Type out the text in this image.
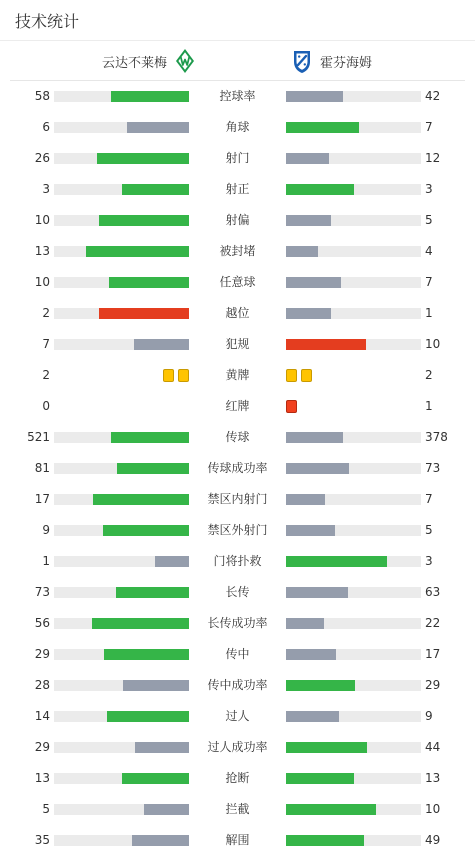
技术统计
云达不莱梅	霍芬海姆
58	控球率	42
6	角球	7
26	射门	12
3	射正	3
10	射偏	5
13	被封堵	4
10	任意球	7
2	越位	1
7	犯规	10
2	黄牌	2
0	红牌	1
521	传球	378
81	传球成功率	73
17	禁区内射门	7
9	禁区外射门	5
1	门将扑救	3
73	长传	63
56	长传成功率	22
29	传中	17
28	传中成功率	29
14	过人	9
29	过人成功率	44
13	抢断	13
5	拦截	10
35	解围	49
